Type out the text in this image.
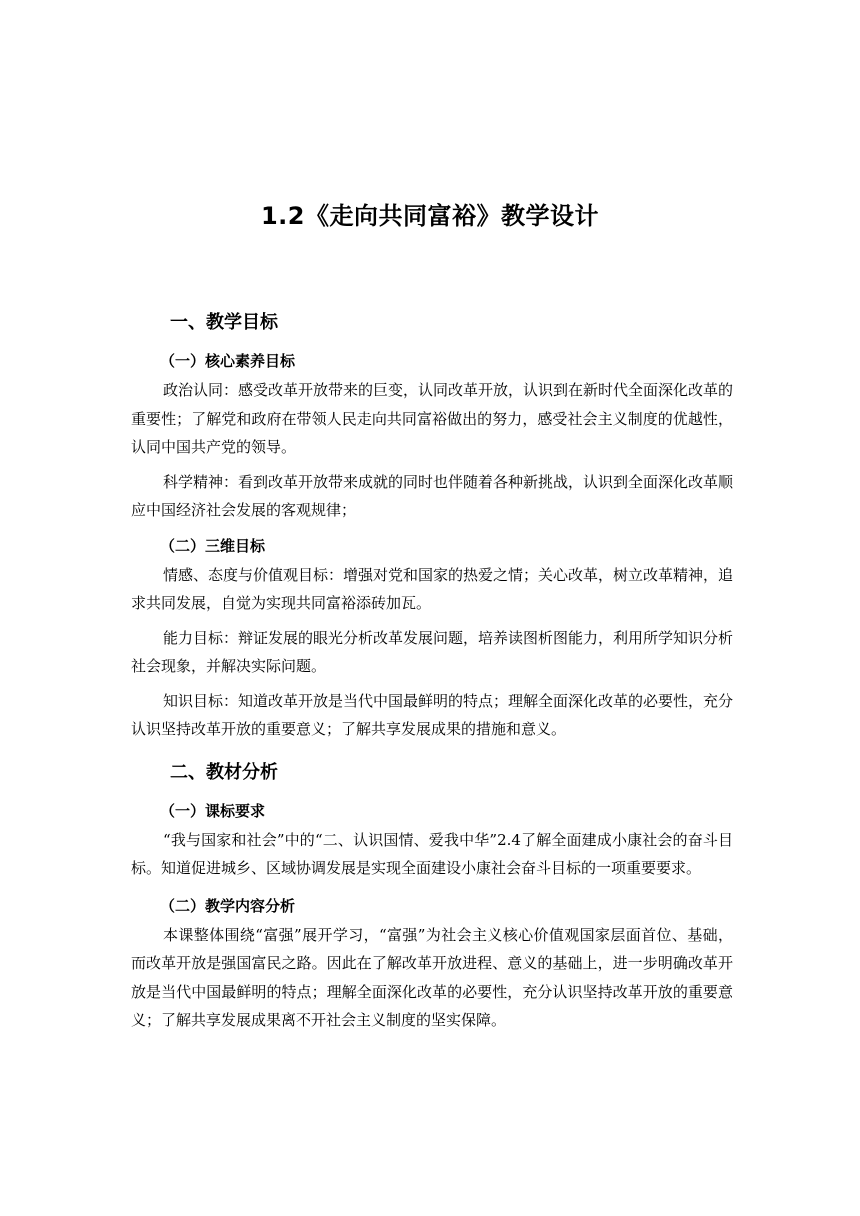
1.2《走向共同富裕》教学设计
一、教学目标
（一）核心素养目标

政治认同：感受改革开放带来的巨变，认同改革开放，认识到在新时代全面深化改革的重要性；了解党和政府在带领人民走向共同富裕做出的努力，感受社会主义制度的优越性，认同中国共产党的领导。

科学精神：看到改革开放带来成就的同时也伴随着各种新挑战，认识到全面深化改革顺应中国经济社会发展的客观规律；

（二）三维目标

情感、态度与价值观目标：增强对党和国家的热爱之情；关心改革，树立改革精神，追求共同发展，自觉为实现共同富裕添砖加瓦。

能力目标：辩证发展的眼光分析改革发展问题，培养读图析图能力，利用所学知识分析社会现象，并解决实际问题。

知识目标：知道改革开放是当代中国最鲜明的特点；理解全面深化改革的必要性，充分认识坚持改革开放的重要意义；了解共享发展成果的措施和意义。

二、教材分析
（一）课标要求

“我与国家和社会”中的“二、认识国情、爱我中华”2.4了解全面建成小康社会的奋斗目标。知道促进城乡、区域协调发展是实现全面建设小康社会奋斗目标的一项重要要求。

（二）教学内容分析

本课整体围绕“富强”展开学习，“富强”为社会主义核心价值观国家层面首位、基础，而改革开放是强国富民之路。因此在了解改革开放进程、意义的基础上，进一步明确改革开放是当代中国最鲜明的特点；理解全面深化改革的必要性，充分认识坚持改革开放的重要意义；了解共享发展成果离不开社会主义制度的坚实保障。
